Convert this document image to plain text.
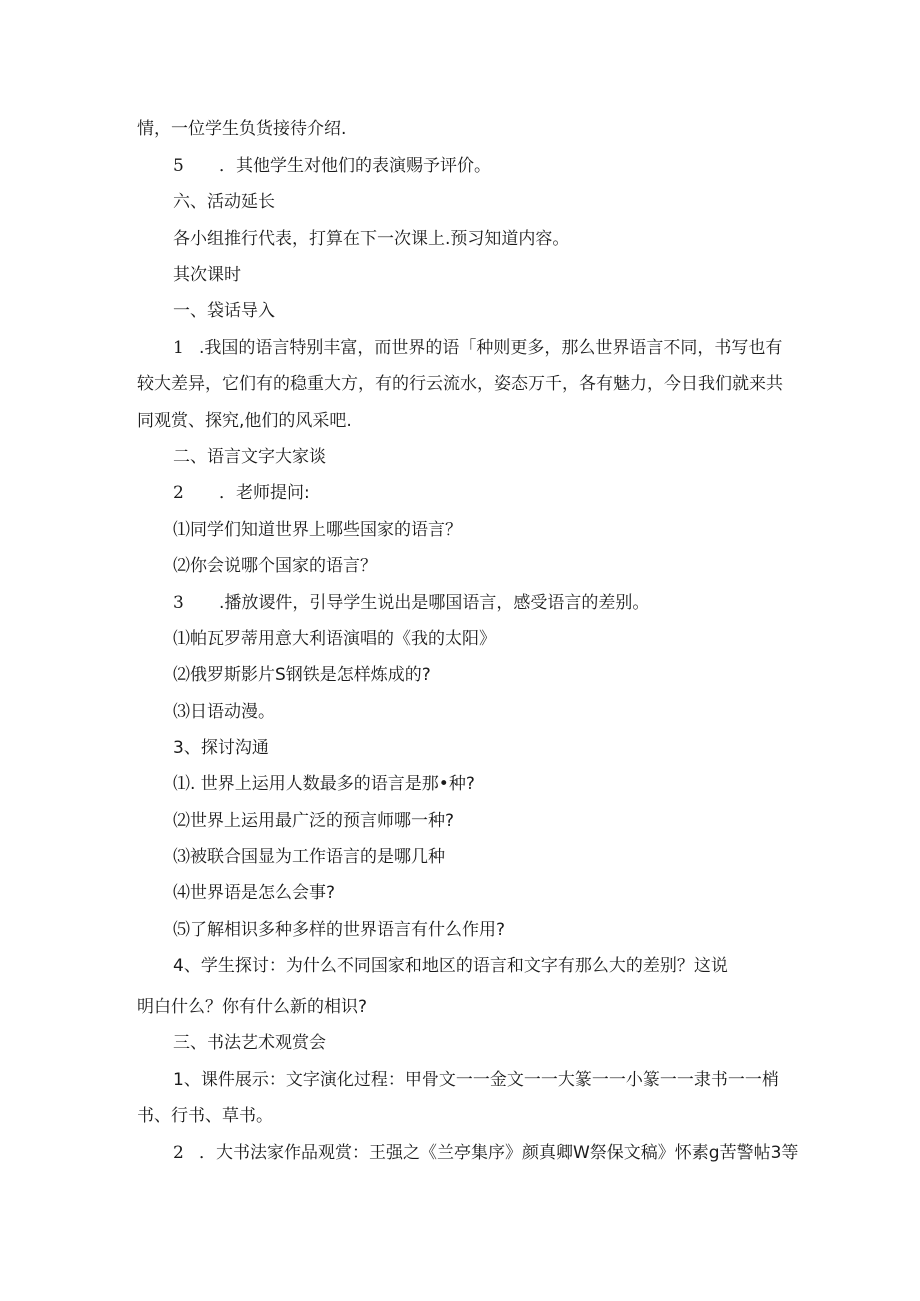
情，一位学生负货接待介绍.
5 ．其他学生对他们的表演赐予评价。
六、活动延长
各小组推行代表，打算在下一次课上.预习知道内容。
其次课时
一、袋话导入
1 .我国的语言特别丰富，而世界的语「种则更多，那么世界语言不同，书写也有
较大差异，它们有的稳重大方，有的行云流水，姿态万千，各有魅力，今日我们就来共
同观赏、探究,他们的风采吧.
二、语言文字大家谈
2 ．老师提问:
⑴同学们知道世界上哪些国家的语言？
⑵你会说哪个国家的语言？
3 .播放谡件，引导学生说出是哪国语言，感受语言的差别。
⑴帕瓦罗蒂用意大利语演唱的《我的太阳》
⑵俄罗斯影片S钢铁是怎样炼成的?
⑶日语动漫。
3、探讨沟通
⑴. 世界上运用人数最多的语言是那•种?
⑵世界上运用最广泛的预言师哪一种?
⑶被联合国显为工作语言的是哪几种
⑷世界语是怎么会事?
⑸了解相识多种多样的世界语言有什么作用?
4、学生探讨：为什么不同国家和地区的语言和文字有那么大的差别？这说
明白什么？你有什么新的相识?
三、书法艺术观赏会
1、课件展示：文字演化过程：甲骨文一一金文一一大篆一一小篆一一隶书一一梢
书、行书、草书。
2 ．大书法家作品观赏：王强之《兰亭集序》颜真卿W祭保文稿》怀素g苦警帖3等
